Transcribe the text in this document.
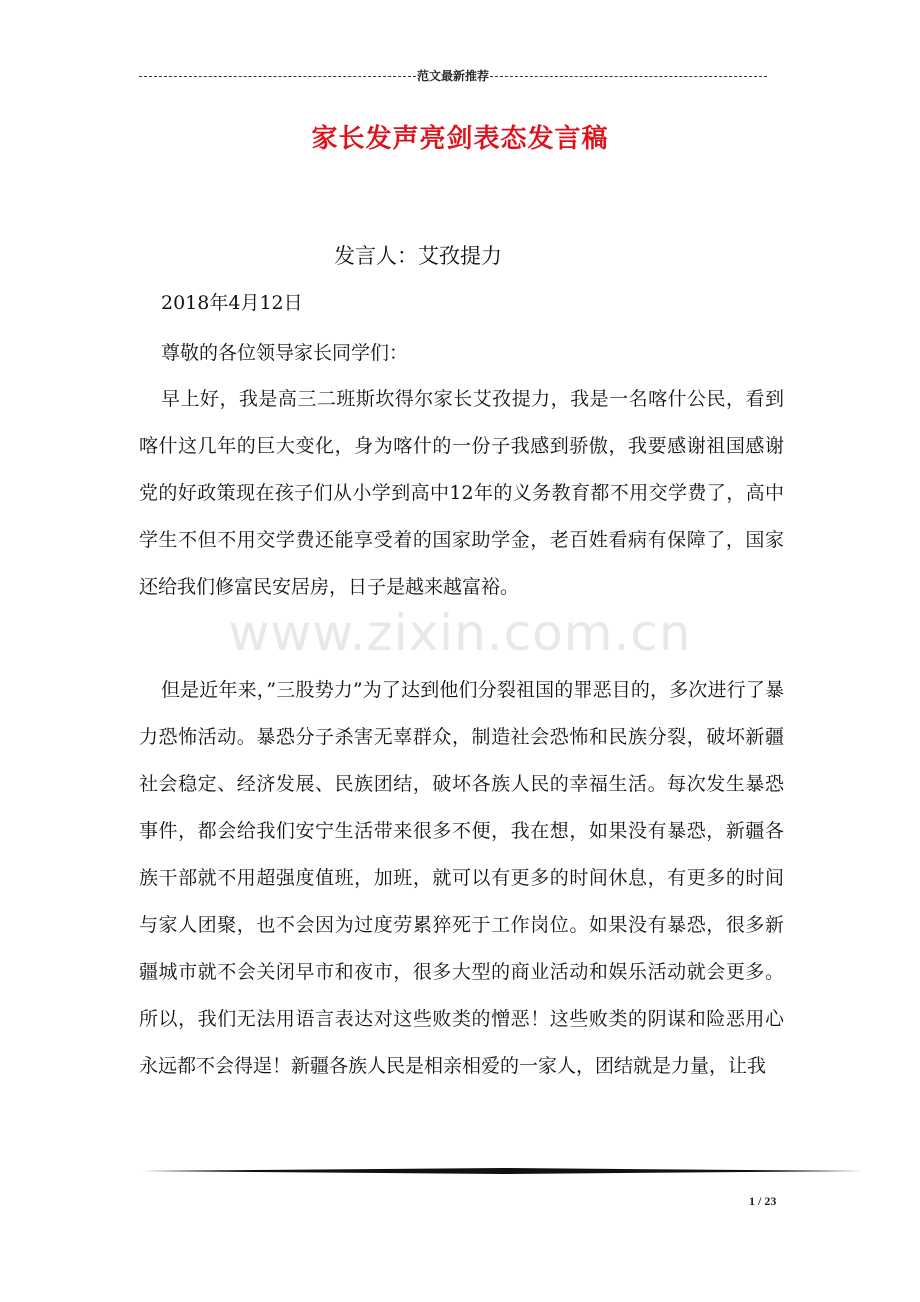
范文最新推荐
家长发声亮剑表态发言稿
发言人：艾孜提力
2018年4月12日
尊敬的各位领导家长同学们：
早上好，我是高三二班斯坎得尔家长艾孜提力，我是一名喀什公民，看到喀什这几年的巨大变化，身为喀什的一份子我感到骄傲，我要感谢祖国感谢党的好政策现在孩子们从小学到高中12年的义务教育都不用交学费了，高中学生不但不用交学费还能享受着的国家助学金，老百姓看病有保障了，国家还给我们修富民安居房，日子是越来越富裕。
但是近年来，”三股势力”为了达到他们分裂祖国的罪恶目的，多次进行了暴力恐怖活动。暴恐分子杀害无辜群众，制造社会恐怖和民族分裂，破坏新疆社会稳定、经济发展、民族团结，破坏各族人民的幸福生活。每次发生暴恐事件，都会给我们安宁生活带来很多不便，我在想，如果没有暴恐，新疆各族干部就不用超强度值班，加班，就可以有更多的时间休息，有更多的时间与家人团聚，也不会因为过度劳累猝死于工作岗位。如果没有暴恐，很多新疆城市就不会关闭早市和夜市，很多大型的商业活动和娱乐活动就会更多。所以，我们无法用语言表达对这些败类的憎恶！这些败类的阴谋和险恶用心永远都不会得逞！新疆各族人民是相亲相爱的一家人，团结就是力量，让我
www.zixin.com.cn
1 / 23
